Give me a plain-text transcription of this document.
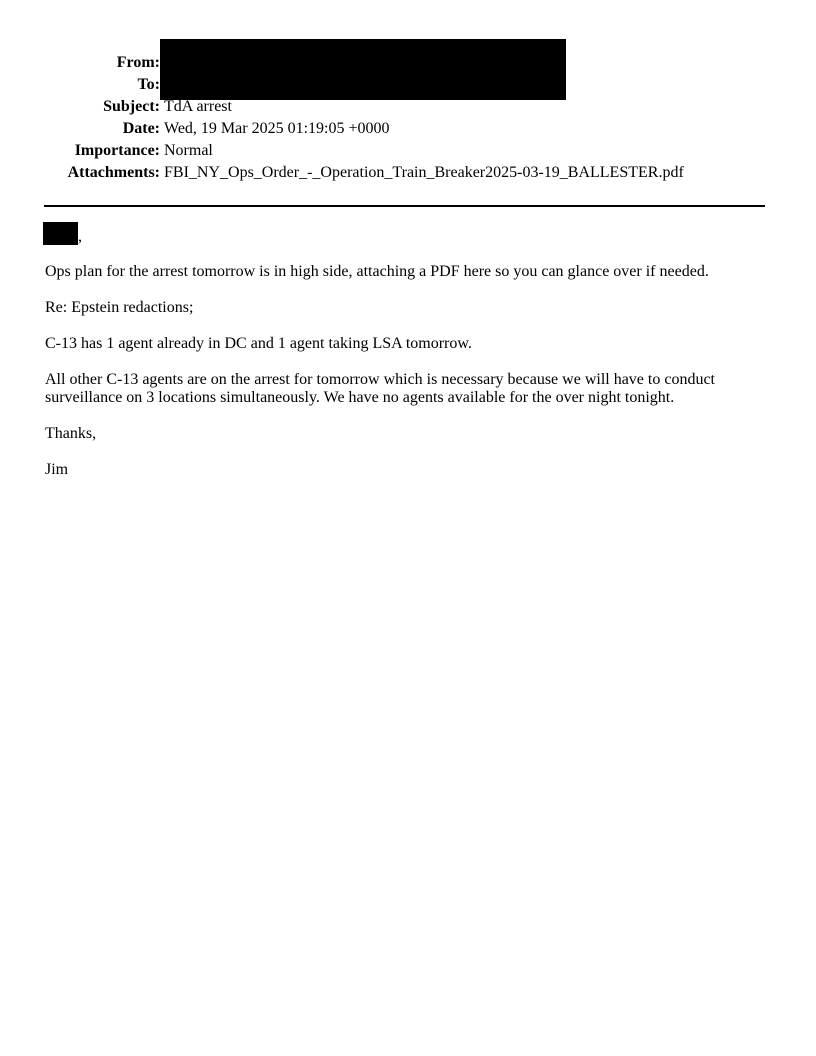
From:
To:
Subject: TdA arrest
Date: Wed, 19 Mar 2025 01:19:05 +0000
Importance: Normal
Attachments: FBI_NY_Ops_Order_-_Operation_Train_Breaker2025-03-19_BALLESTER.pdf
,
Ops plan for the arrest tomorrow is in high side, attaching a PDF here so you can glance over if needed.
Re: Epstein redactions;
C-13 has 1 agent already in DC and 1 agent taking LSA tomorrow.
All other C-13 agents are on the arrest for tomorrow which is necessary because we will have to conduct surveillance on 3 locations simultaneously. We have no agents available for the over night tonight.
Thanks,
Jim
